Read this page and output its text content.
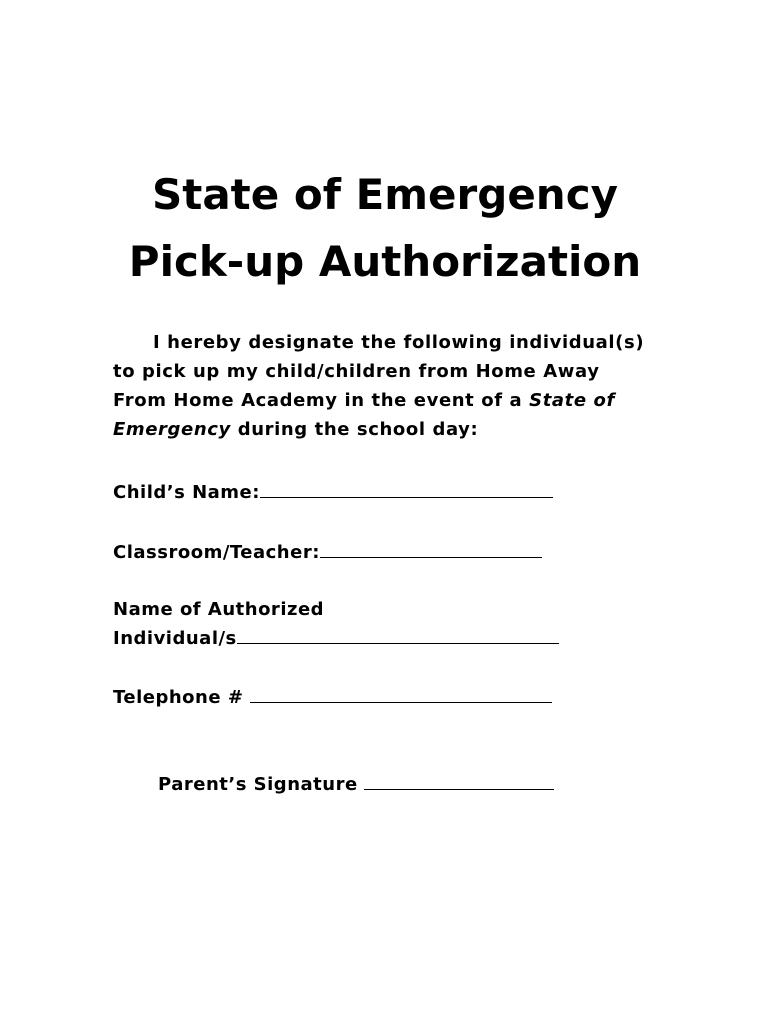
State of Emergency
Pick-up Authorization
I hereby designate the following individual(s)
to pick up my child/children from Home Away
From Home Academy in the event of a State of
Emergency during the school day:
Child’s Name:
Classroom/Teacher:
Name of Authorized
Individual/s
Telephone #
Parent’s Signature
